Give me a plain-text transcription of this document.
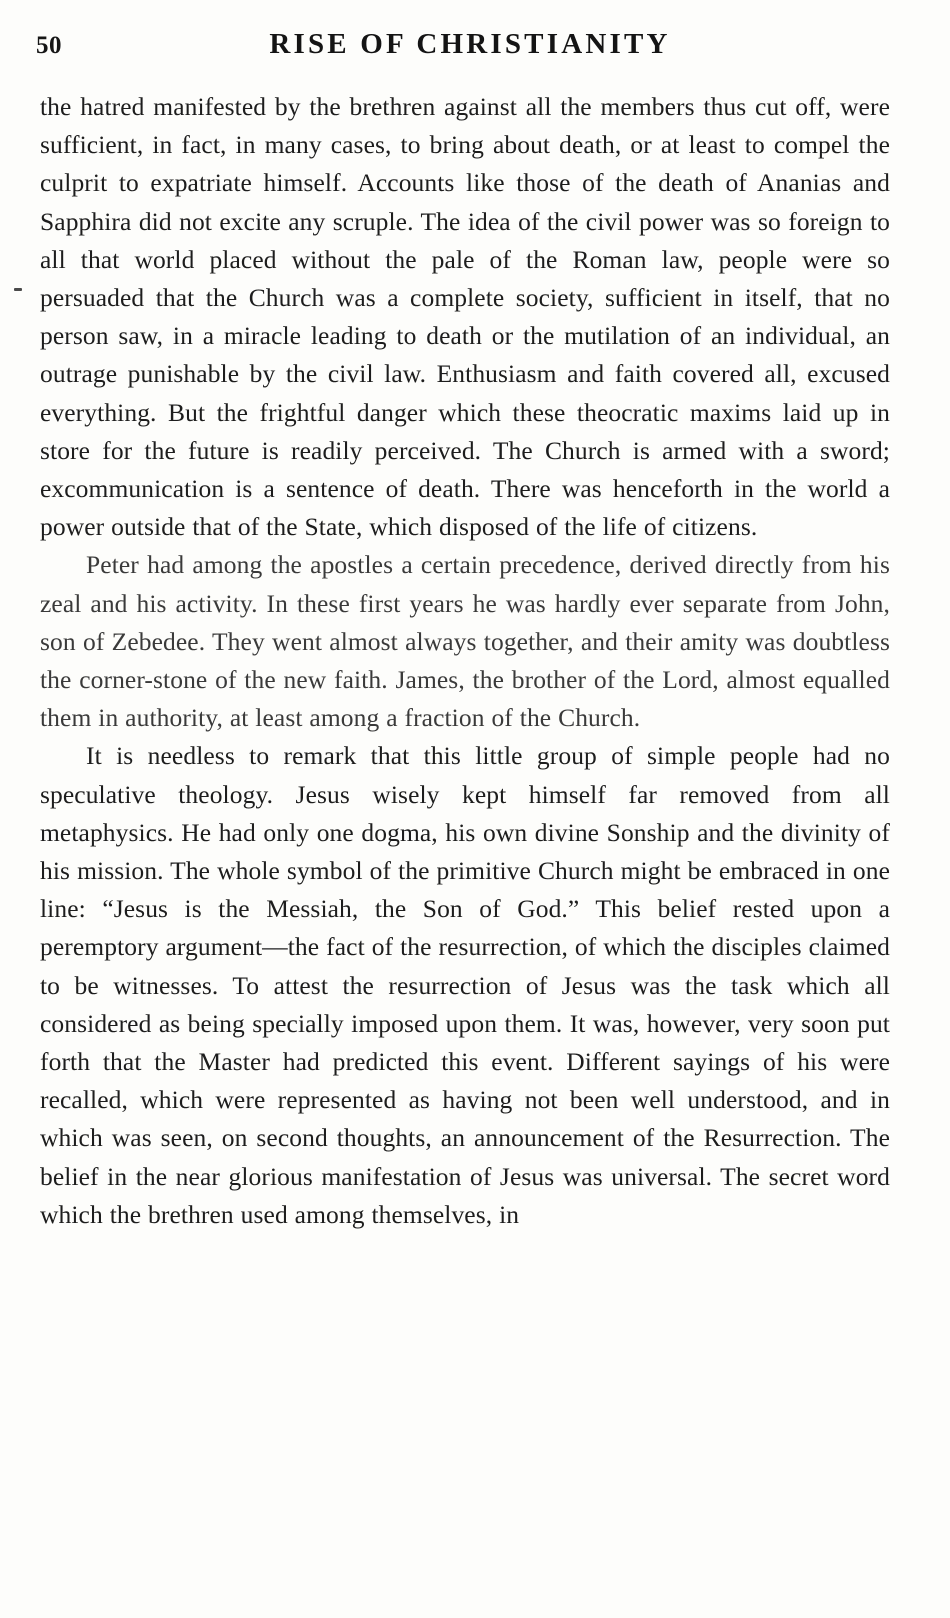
50	RISE OF CHRISTIANITY

the hatred manifested by the brethren against all the members thus cut off, were sufficient, in fact, in many cases, to bring about death, or at least to compel the culprit to expatriate himself. Accounts like those of the death of Ananias and Sapphira did not excite any scruple. The idea of the civil power was so foreign to all that world placed without the pale of the Roman law, people were so persuaded that the Church was a complete society, sufficient in itself, that no person saw, in a miracle leading to death or the mutilation of an individual, an outrage punishable by the civil law. Enthusiasm and faith covered all, excused everything. But the frightful danger which these theocratic maxims laid up in store for the future is readily perceived. The Church is armed with a sword; excommunication is a sentence of death. There was henceforth in the world a power outside that of the State, which disposed of the life of citizens.

Peter had among the apostles a certain precedence, derived directly from his zeal and his activity. In these first years he was hardly ever separate from John, son of Zebedee. They went almost always together, and their amity was doubtless the corner-stone of the new faith. James, the brother of the Lord, almost equalled them in authority, at least among a fraction of the Church.

It is needless to remark that this little group of simple people had no speculative theology. Jesus wisely kept himself far removed from all metaphysics. He had only one dogma, his own divine Sonship and the divinity of his mission. The whole symbol of the primitive Church might be embraced in one line: “Jesus is the Messiah, the Son of God.” This belief rested upon a peremptory argument—the fact of the resurrection, of which the disciples claimed to be witnesses. To attest the resurrection of Jesus was the task which all considered as being specially imposed upon them. It was, however, very soon put forth that the Master had predicted this event. Different sayings of his were recalled, which were represented as having not been well understood, and in which was seen, on second thoughts, an announcement of the Resurrection. The belief in the near glorious manifestation of Jesus was universal. The secret word which the brethren used among themselves, in
